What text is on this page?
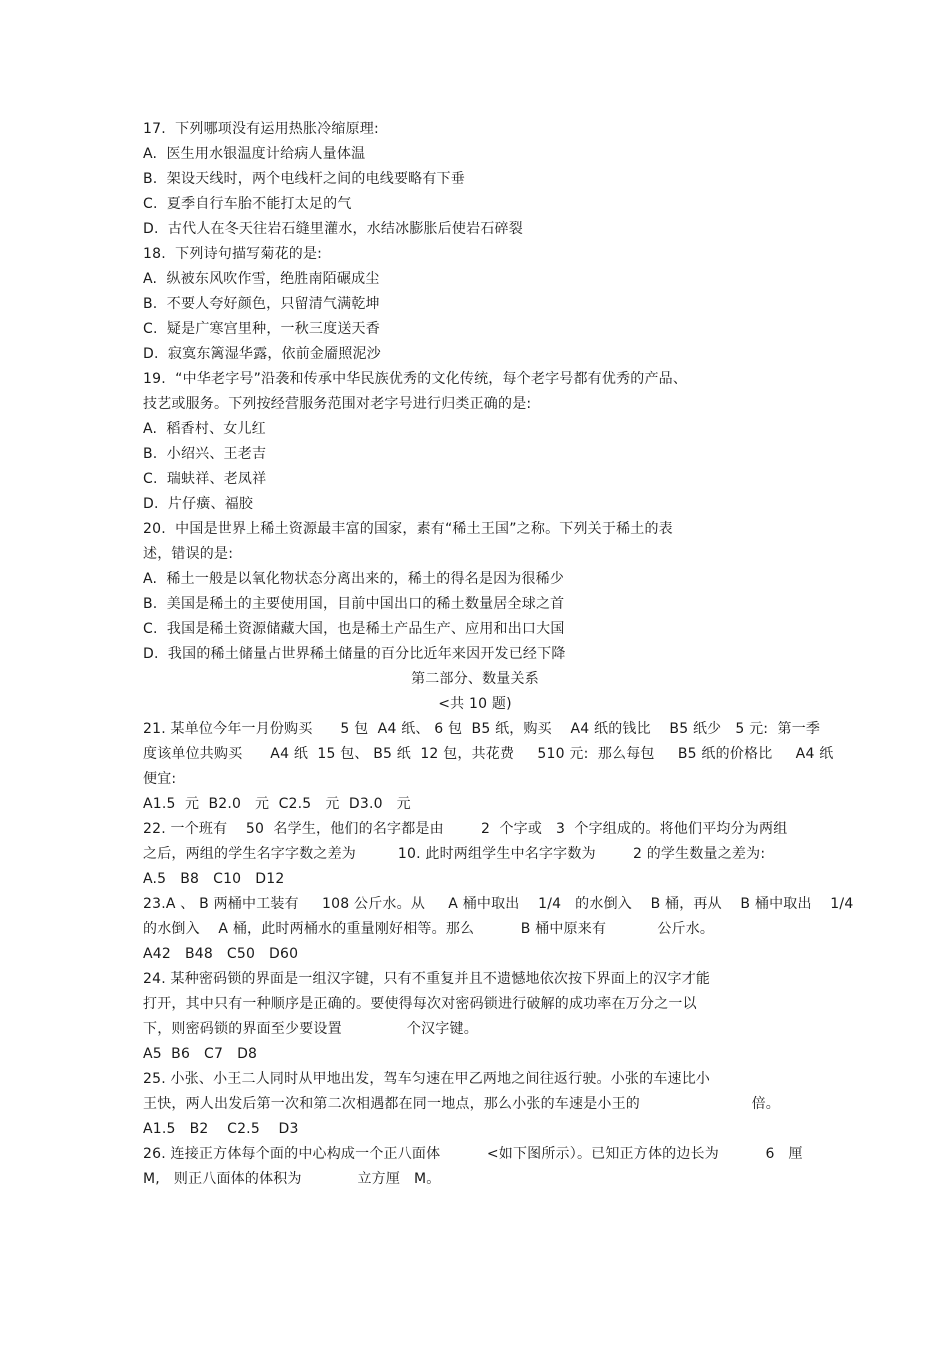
17.  下列哪项没有运用热胀冷缩原理:
A.  医生用水银温度计给病人量体温
B.  架设天线时，两个电线杆之间的电线要略有下垂
C.  夏季自行车胎不能打太足的气
D.  古代人在冬天往岩石缝里灌水，水结冰膨胀后使岩石碎裂
18.  下列诗句描写菊花的是:
A.  纵被东风吹作雪，绝胜南陌碾成尘
B.  不要人夸好颜色，只留清气满乾坤
C.  疑是广寒宫里种，一秋三度送天香
D.  寂寞东篱湿华露，依前金靥照泥沙
19.  “中华老字号”沿袭和传承中华民族优秀的文化传统，每个老字号都有优秀的产品、
技艺或服务。下列按经营服务范围对老字号进行归类正确的是:
A.  稻香村、女儿红
B.  小绍兴、王老吉
C.  瑞蚨祥、老凤祥
D.  片仔癀、福胶
20.  中国是世界上稀土资源最丰富的国家，素有“稀土王国”之称。下列关于稀土的表
述，错误的是:
A.  稀土一般是以氧化物状态分离出来的，稀土的得名是因为很稀少
B.  美国是稀土的主要使用国，目前中国出口的稀土数量居全球之首
C.  我国是稀土资源储藏大国，也是稀土产品生产、应用和出口大国
D.  我国的稀土储量占世界稀土储量的百分比近年来因开发已经下降
第二部分、数量关系
<共 10 题)
21. 某单位今年一月份购买      5 包  A4 纸、 6 包  B5 纸，购买    A4 纸的钱比    B5 纸少   5 元:  第一季
度该单位共购买      A4 纸  15 包、 B5 纸  12 包，共花费     510 元:  那么每包     B5 纸的价格比     A4 纸
便宜:
A1.5  元  B2.0   元  C2.5   元  D3.0   元
22. 一个班有    50  名学生，他们的名字都是由        2  个字或   3  个字组成的。将他们平均分为两组
之后，两组的学生名字字数之差为         10. 此时两组学生中名字字数为        2 的学生数量之差为:
A.5   B8   C10   D12
23.A 、 B 两桶中工装有     108 公斤水。从     A 桶中取出    1/4   的水倒入    B 桶，再从    B 桶中取出    1/4
的水倒入    A 桶，此时两桶水的重量刚好相等。那么          B 桶中原来有           公斤水。
A42   B48   C50   D60
24. 某种密码锁的界面是一组汉字键，只有不重复并且不遗憾地依次按下界面上的汉字才能
打开，其中只有一种顺序是正确的。要使得每次对密码锁进行破解的成功率在万分之一以
下，则密码锁的界面至少要设置              个汉字键。
A5  B6   C7   D8
25. 小张、小王二人同时从甲地出发，驾车匀速在甲乙两地之间往返行驶。小张的车速比小
王快，两人出发后第一次和第二次相遇都在同一地点，那么小张的车速是小王的                        倍。
A1.5   B2    C2.5    D3
26. 连接正方体每个面的中心构成一个正八面体          <如下图所示）。已知正方体的边长为          6   厘
M,   则正八面体的体积为            立方厘   M。
